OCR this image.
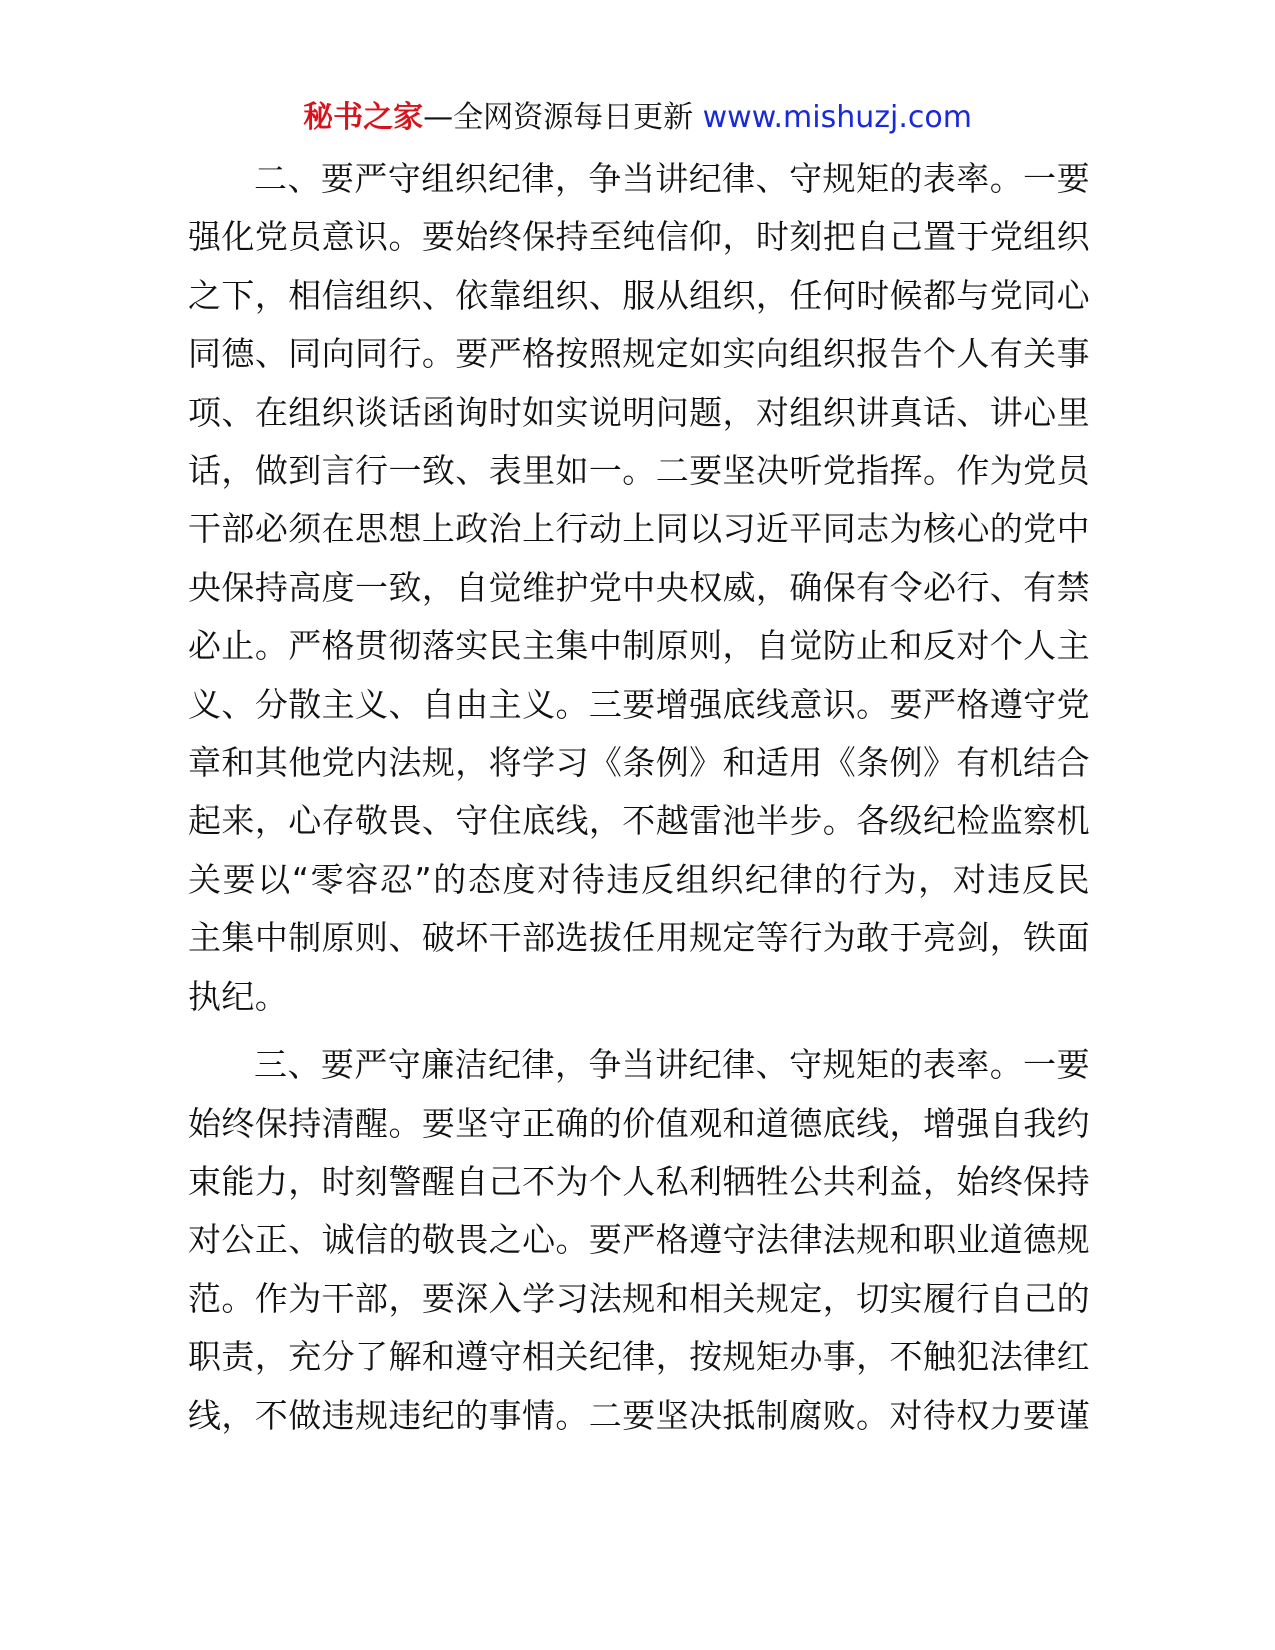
秘书之家—全网资源每日更新 www.mishuzj.com

二、要严守组织纪律，争当讲纪律、守规矩的表率。一要强化党员意识。要始终保持至纯信仰，时刻把自己置于党组织之下，相信组织、依靠组织、服从组织，任何时候都与党同心同德、同向同行。要严格按照规定如实向组织报告个人有关事项、在组织谈话函询时如实说明问题，对组织讲真话、讲心里话，做到言行一致、表里如一。二要坚决听党指挥。作为党员干部必须在思想上政治上行动上同以习近平同志为核心的党中央保持高度一致，自觉维护党中央权威，确保有令必行、有禁必止。严格贯彻落实民主集中制原则，自觉防止和反对个人主义、分散主义、自由主义。三要增强底线意识。要严格遵守党章和其他党内法规，将学习《条例》和适用《条例》有机结合起来，心存敬畏、守住底线，不越雷池半步。各级纪检监察机关要以“零容忍”的态度对待违反组织纪律的行为，对违反民主集中制原则、破坏干部选拔任用规定等行为敢于亮剑，铁面执纪。

三、要严守廉洁纪律，争当讲纪律、守规矩的表率。一要始终保持清醒。要坚守正确的价值观和道德底线，增强自我约束能力，时刻警醒自己不为个人私利牺牲公共利益，始终保持对公正、诚信的敬畏之心。要严格遵守法律法规和职业道德规范。作为干部，要深入学习法规和相关规定，切实履行自己的职责，充分了解和遵守相关纪律，按规矩办事，不触犯法律红线，不做违规违纪的事情。二要坚决抵制腐败。对待权力要谨
